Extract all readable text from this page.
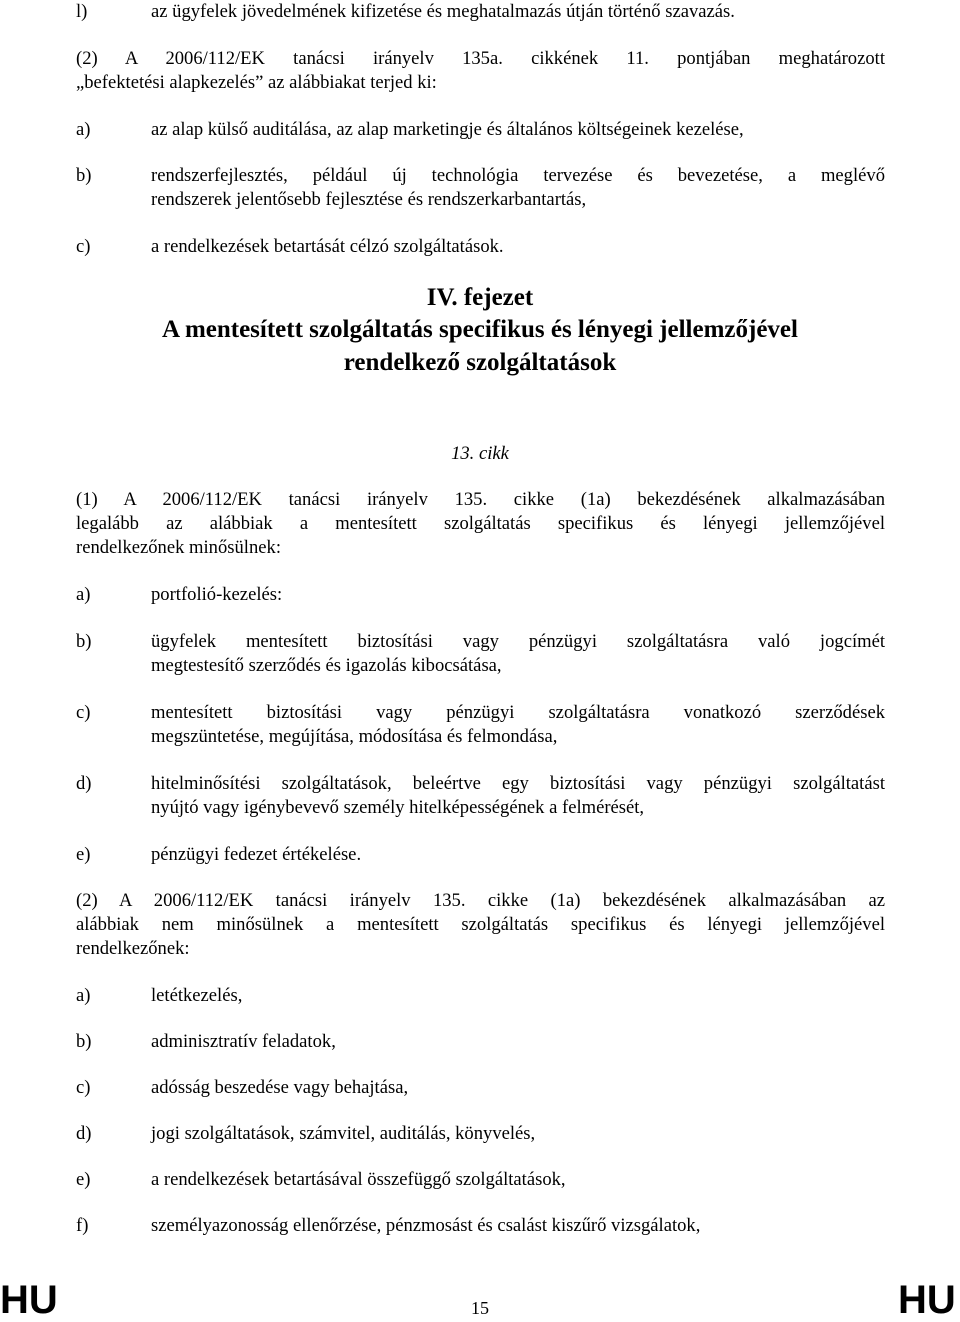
l)	az ügyfelek jövedelmének kifizetése és meghatalmazás útján történő szavazás.
(2) A 2006/112/EK tanácsi irányelv 135a. cikkének 11. pontjában meghatározott
„befektetési alapkezelés” az alábbiakat terjed ki:
a)	az alap külső auditálása, az alap marketingje és általános költségeinek kezelése,
b)	rendszerfejlesztés, például új technológia tervezése és bevezetése, a meglévő
rendszerek jelentősebb fejlesztése és rendszerkarbantartás,
c)	a rendelkezések betartását célzó szolgáltatások.
IV. fejezet
A mentesített szolgáltatás specifikus és lényegi jellemzőjével
rendelkező szolgáltatások
13. cikk
(1) A 2006/112/EK tanácsi irányelv 135. cikke (1a) bekezdésének alkalmazásában
legalább az alábbiak a mentesített szolgáltatás specifikus és lényegi jellemzőjével
rendelkezőnek minősülnek:
a)	portfolió-kezelés:
b)	ügyfelek mentesített biztosítási vagy pénzügyi szolgáltatásra való jogcímét
megtestesítő szerződés és igazolás kibocsátása,
c)	mentesített biztosítási vagy pénzügyi szolgáltatásra vonatkozó szerződések
megszüntetése, megújítása, módosítása és felmondása,
d)	hitelminősítési szolgáltatások, beleértve egy biztosítási vagy pénzügyi szolgáltatást
nyújtó vagy igénybevevő személy hitelképességének a felmérését,
e)	pénzügyi fedezet értékelése.
(2) A 2006/112/EK tanácsi irányelv 135. cikke (1a) bekezdésének alkalmazásában az
alábbiak nem minősülnek a mentesített szolgáltatás specifikus és lényegi jellemzőjével
rendelkezőnek:
a)	letétkezelés,
b)	adminisztratív feladatok,
c)	adósság beszedése vagy behajtása,
d)	jogi szolgáltatások, számvitel, auditálás, könyvelés,
e)	a rendelkezések betartásával összefüggő szolgáltatások,
f)	személyazonosság ellenőrzése, pénzmosást és csalást kiszűrő vizsgálatok,
HU	15	HU
